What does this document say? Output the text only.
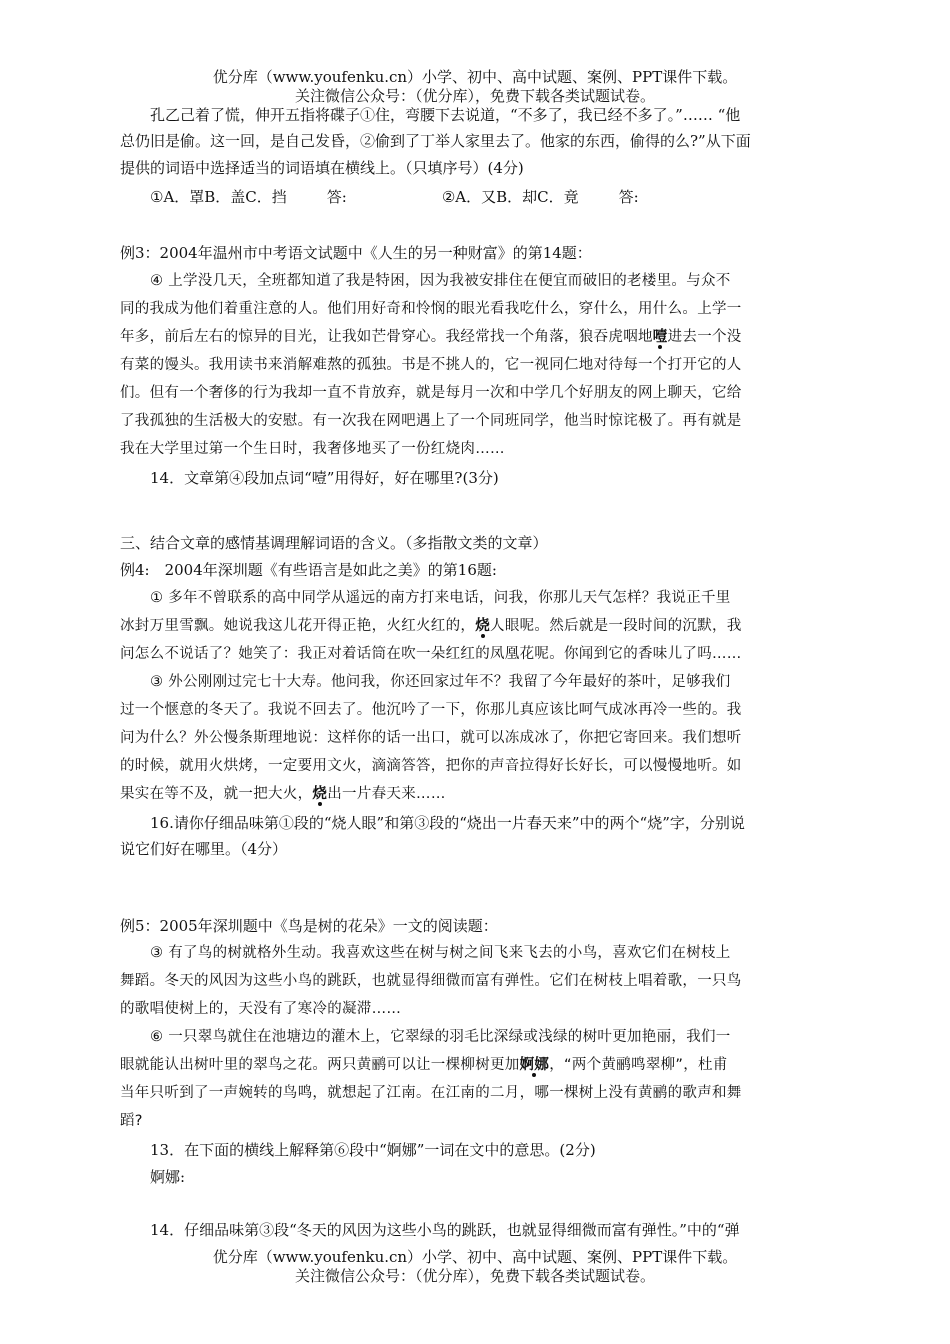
优分库（www.youfenku.cn）小学、初中、高中试题、案例、PPT课件下载。
关注微信公众号：（优分库），免费下载各类试题试卷。
孔乙己着了慌，伸开五指将碟子①住，弯腰下去说道，“不多了，我已经不多了。”…… “他
总仍旧是偷。这一回，是自己发昏，②偷到了丁举人家里去了。他家的东西，偷得的么?”从下面
提供的词语中选择适当的词语填在横线上。（只填序号）(4分)
①A．罩B．盖C．挡	答:	②A．又B．却C．竟	答:
例3：2004年温州市中考语文试题中《人生的另一种财富》的第14题：
④ 上学没几天，全班都知道了我是特困，因为我被安排住在便宜而破旧的老楼里。与众不
同的我成为他们着重注意的人。他们用好奇和怜悯的眼光看我吃什么，穿什么，用什么。上学一
年多，前后左右的惊异的目光，让我如芒骨穿心。我经常找一个角落，狼吞虎咽地噎进去一个没
有菜的馒头。我用读书来消解难熬的孤独。书是不挑人的，它一视同仁地对待每一个打开它的人
们。但有一个奢侈的行为我却一直不肯放弃，就是每月一次和中学几个好朋友的网上聊天，它给
了我孤独的生活极大的安慰。有一次我在网吧遇上了一个同班同学，他当时惊诧极了。再有就是
我在大学里过第一个生日时，我奢侈地买了一份红烧肉……
14．文章第④段加点词“噎”用得好，好在哪里?(3分)
三、结合文章的感情基调理解词语的含义。（多指散文类的文章）
例4:　2004年深圳题《有些语言是如此之美》的第16题:
① 多年不曾联系的高中同学从遥远的南方打来电话，问我，你那儿天气怎样？我说正千里
冰封万里雪飘。她说我这儿花开得正艳，火红火红的，烧人眼呢。然后就是一段时间的沉默，我
问怎么不说话了？她笑了：我正对着话筒在吹一朵红红的凤凰花呢。你闻到它的香味儿了吗……
③ 外公刚刚过完七十大寿。他问我，你还回家过年不？我留了今年最好的茶叶，足够我们
过一个惬意的冬天了。我说不回去了。他沉吟了一下，你那儿真应该比呵气成冰再冷一些的。我
问为什么？外公慢条斯理地说：这样你的话一出口，就可以冻成冰了，你把它寄回来。我们想听
的时候，就用火烘烤，一定要用文火，滴滴答答，把你的声音拉得好长好长，可以慢慢地听。如
果实在等不及，就一把大火，烧出一片春天来……
16.请你仔细品味第①段的“烧人眼”和第③段的“烧出一片春天来”中的两个“烧”字，分别说
说它们好在哪里。（4分）
例5：2005年深圳题中《鸟是树的花朵》一文的阅读题：
③ 有了鸟的树就格外生动。我喜欢这些在树与树之间飞来飞去的小鸟，喜欢它们在树枝上
舞蹈。冬天的风因为这些小鸟的跳跃，也就显得细微而富有弹性。它们在树枝上唱着歌，一只鸟
的歌唱使树上的，天没有了寒冷的凝滞……
⑥ 一只翠鸟就住在池塘边的灌木上，它翠绿的羽毛比深绿或浅绿的树叶更加艳丽，我们一
眼就能认出树叶里的翠鸟之花。两只黄鹂可以让一棵柳树更加婀娜，“两个黄鹂鸣翠柳”，杜甫
当年只听到了一声婉转的鸟鸣，就想起了江南。在江南的二月，哪一棵树上没有黄鹂的歌声和舞
蹈?
13．在下面的横线上解释第⑥段中“婀娜”一词在文中的意思。(2分)
婀娜:
14．仔细品味第③段“冬天的风因为这些小鸟的跳跃，也就显得细微而富有弹性。”中的“弹
优分库（www.youfenku.cn）小学、初中、高中试题、案例、PPT课件下载。
关注微信公众号：（优分库），免费下载各类试题试卷。
